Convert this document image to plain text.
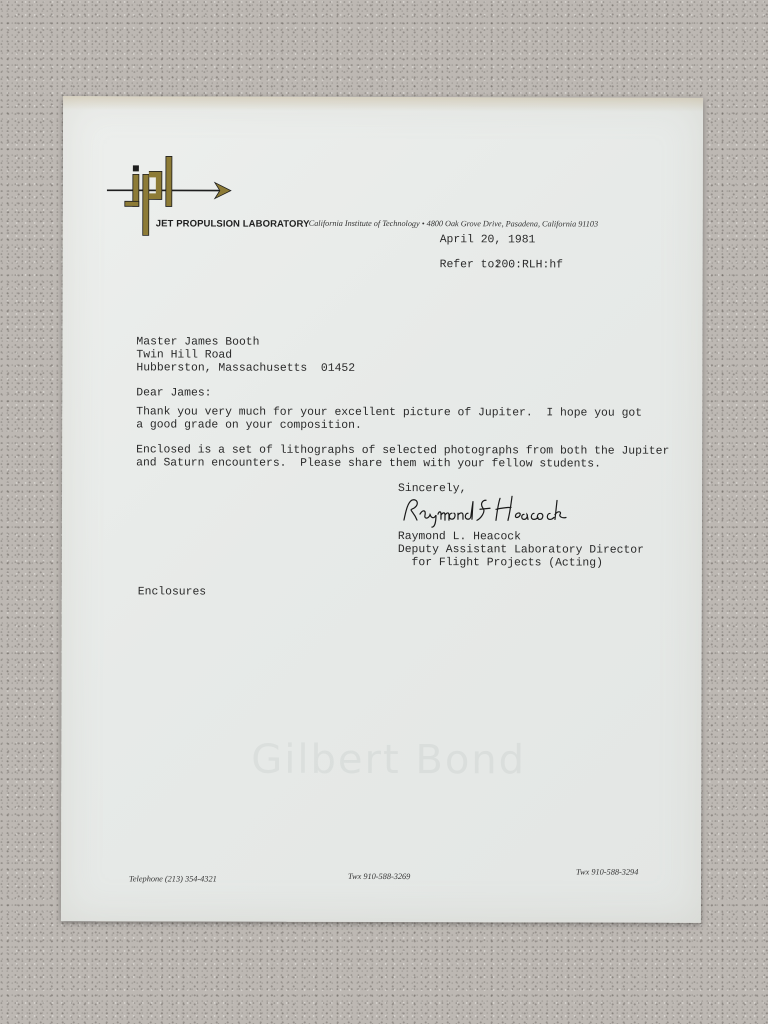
JET PROPULSION LABORATORY California Institute of Technology • 4800 Oak Grove Drive, Pasadena, California 91103
April 20, 1981
Refer to:
200:RLH:hf
Master James Booth
Twin Hill Road
Hubberston, Massachusetts  01452
Dear James:
Thank you very much for your excellent picture of Jupiter.  I hope you got
a good grade on your composition.
Enclosed is a set of lithographs of selected photographs from both the Jupiter
and Saturn encounters.  Please share them with your fellow students.
Sincerely,
Raymond L. Heacock
Deputy Assistant Laboratory Director
for Flight Projects (Acting)
Enclosures
Gilbert Bond
Telephone (213) 354-4321	Twx 910-588-3269	Twx 910-588-3294
